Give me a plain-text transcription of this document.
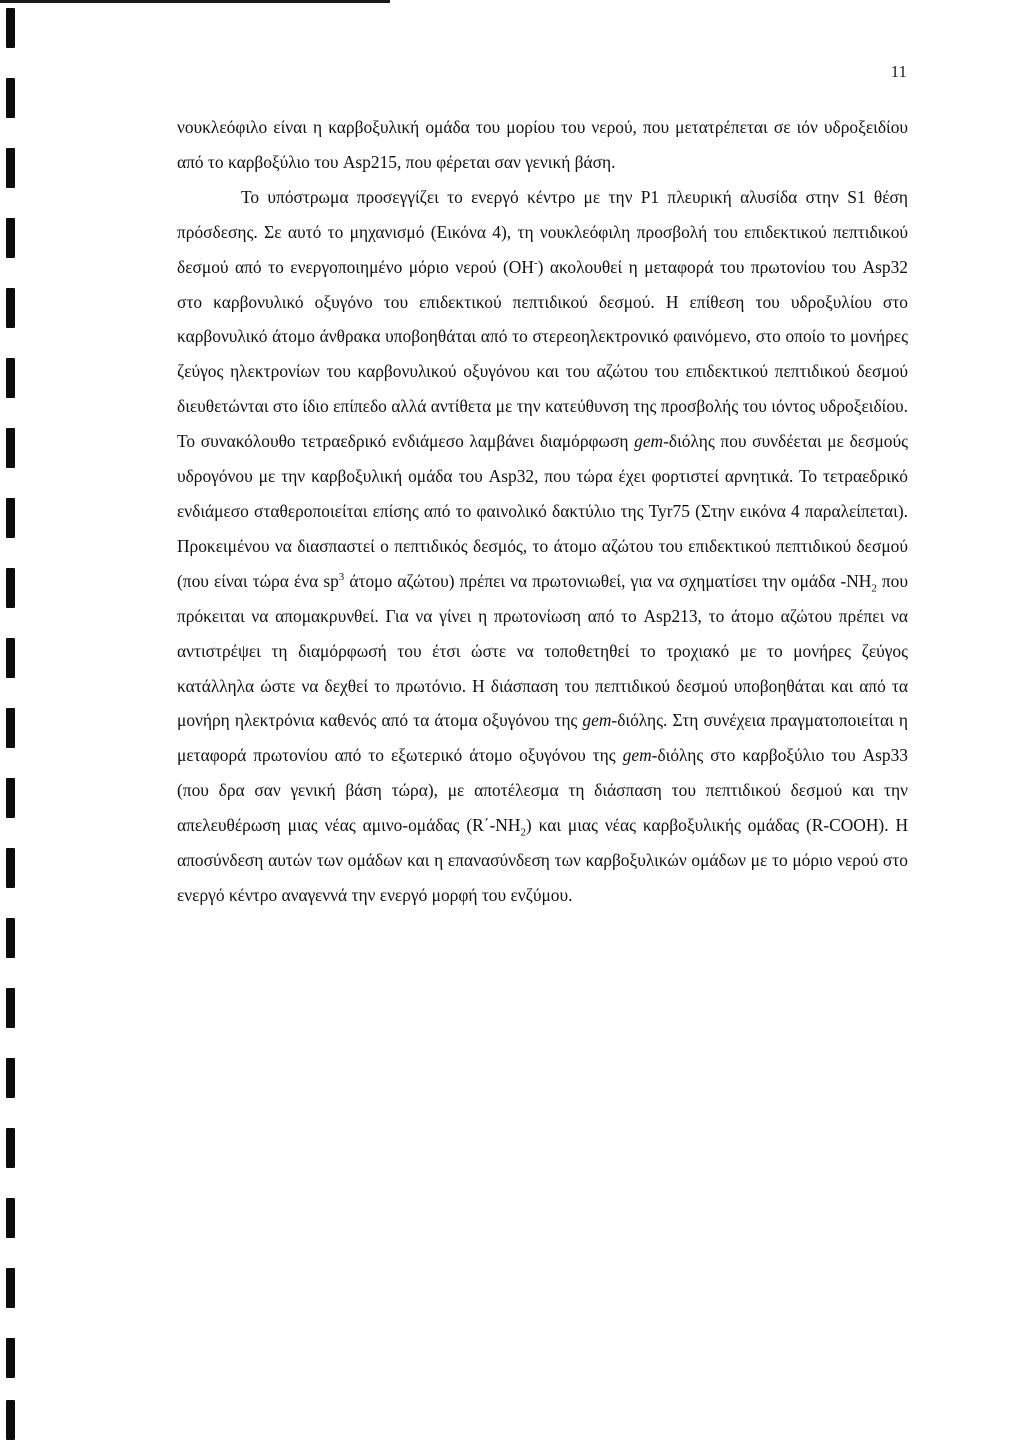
11

νουκλεόφιλο είναι η καρβοξυλική ομάδα του μορίου του νερού, που μετατρέπεται σε ιόν υδροξειδίου από το καρβοξύλιο του Asp215, που φέρεται σαν γενική βάση.

Το υπόστρωμα προσεγγίζει το ενεργό κέντρο με την P1 πλευρική αλυσίδα στην S1 θέση πρόσδεσης. Σε αυτό το μηχανισμό (Εικόνα 4), τη νουκλεόφιλη προσβολή του επιδεκτικού πεπτιδικού δεσμού από το ενεργοποιημένο μόριο νερού (OH-) ακολουθεί η μεταφορά του πρωτονίου του Asp32 στο καρβονυλικό οξυγόνο του επιδεκτικού πεπτιδικού δεσμού. Η επίθεση του υδροξυλίου στο καρβονυλικό άτομο άνθρακα υποβοηθάται από το στερεοηλεκτρονικό φαινόμενο, στο οποίο το μονήρες ζεύγος ηλεκτρονίων του καρβονυλικού οξυγόνου και του αζώτου του επιδεκτικού πεπτιδικού δεσμού διευθετώνται στο ίδιο επίπεδο αλλά αντίθετα με την κατεύθυνση της προσβολής του ιόντος υδροξειδίου. Το συνακόλουθο τετραεδρικό ενδιάμεσο λαμβάνει διαμόρφωση gem-διόλης που συνδέεται με δεσμούς υδρογόνου με την καρβοξυλική ομάδα του Asp32, που τώρα έχει φορτιστεί αρνητικά. Το τετραεδρικό ενδιάμεσο σταθεροποιείται επίσης από το φαινολικό δακτύλιο της Tyr75 (Στην εικόνα 4 παραλείπεται). Προκειμένου να διασπαστεί ο πεπτιδικός δεσμός, το άτομο αζώτου του επιδεκτικού πεπτιδικού δεσμού (που είναι τώρα ένα $sp^3$ άτομο αζώτου) πρέπει να πρωτονιωθεί, για να σχηματίσει την ομάδα $-NH_2$ που πρόκειται να απομακρυνθεί. Για να γίνει η πρωτονίωση από το Asp213, το άτομο αζώτου πρέπει να αντιστρέψει τη διαμόρφωσή του έτσι ώστε να τοποθετηθεί το τροχιακό με το μονήρες ζεύγος κατάλληλα ώστε να δεχθεί το πρωτόνιο. Η διάσπαση του πεπτιδικού δεσμού υποβοηθάται και από τα μονήρη ηλεκτρόνια καθενός από τα άτομα οξυγόνου της gem-διόλης. Στη συνέχεια πραγματοποιείται η μεταφορά πρωτονίου από το εξωτερικό άτομο οξυγόνου της gem-διόλης στο καρβοξύλιο του Asp33 (που δρα σαν γενική βάση τώρα), με αποτέλεσμα τη διάσπαση του πεπτιδικού δεσμού και την απελευθέρωση μιας νέας αμινο-ομάδας $(R΄-NH_2)$ και μιας νέας καρβοξυλικής ομάδας (R-COOH). Η αποσύνδεση αυτών των ομάδων και η επανασύνδεση των καρβοξυλικών ομάδων με το μόριο νερού στο ενεργό κέντρο αναγεννά την ενεργό μορφή του ενζύμου.
